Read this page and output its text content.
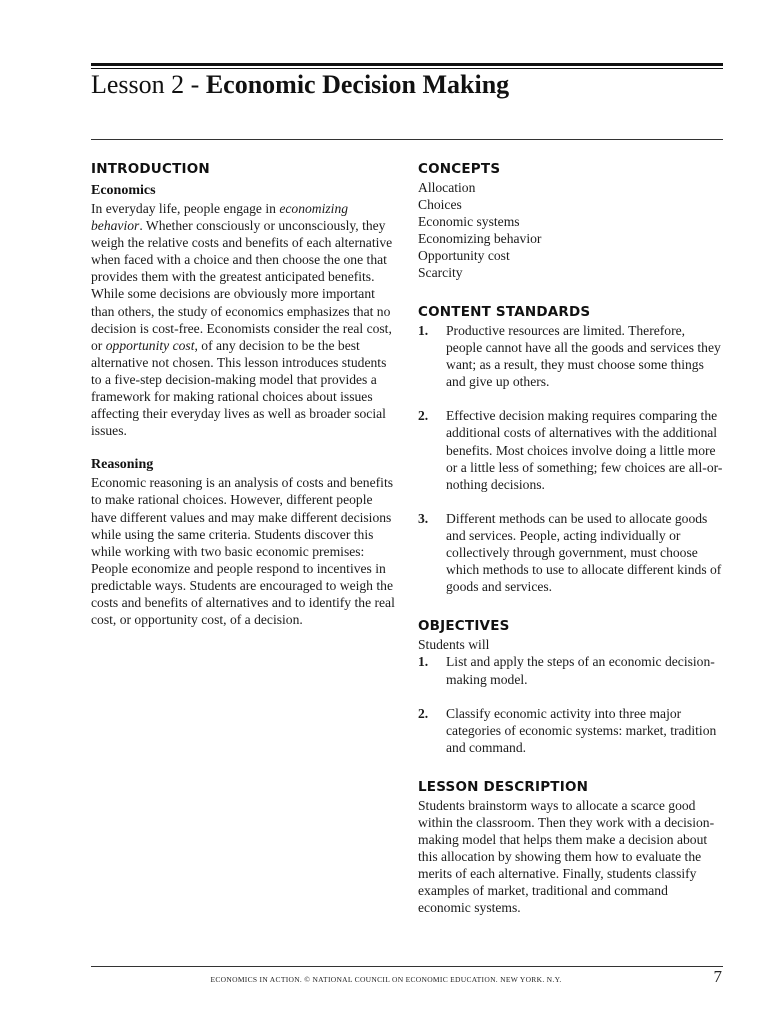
Lesson 2 - Economic Decision Making
INTRODUCTION
Economics

In everyday life, people engage in economizing behavior. Whether consciously or unconsciously, they weigh the relative costs and benefits of each alternative when faced with a choice and then choose the one that provides them with the greatest anticipated benefits. While some decisions are obviously more important than others, the study of economics emphasizes that no decision is cost-free. Economists consider the real cost, or opportunity cost, of any decision to be the best alternative not chosen. This lesson introduces students to a five-step decision-making model that provides a framework for making rational choices about issues affecting their everyday lives as well as broader social issues.

Reasoning

Economic reasoning is an analysis of costs and benefits to make rational choices. However, different people have different values and may make different decisions while using the same criteria. Students discover this while working with two basic economic premises: People economize and people respond to incentives in predictable ways. Students are encouraged to weigh the costs and benefits of alternatives and to identify the real cost, or opportunity cost, of a decision.

CONCEPTS
Allocation
Choices
Economic systems
Economizing behavior
Opportunity cost
Scarcity
CONTENT STANDARDS
1. Productive resources are limited. Therefore, people cannot have all the goods and services they want; as a result, they must choose some things and give up others.
2. Effective decision making requires comparing the additional costs of alternatives with the additional benefits. Most choices involve doing a little more or a little less of something; few choices are all-or-nothing decisions.
3. Different methods can be used to allocate goods and services. People, acting individually or collectively through government, must choose which methods to use to allocate different kinds of goods and services.
OBJECTIVES

Students will

1. List and apply the steps of an economic decision-making model.
2. Classify economic activity into three major categories of economic systems: market, tradition and command.
LESSON DESCRIPTION

Students brainstorm ways to allocate a scarce good within the classroom. Then they work with a decision-making model that helps them make a decision about this allocation by showing them how to evaluate the merits of each alternative. Finally, students classify examples of market, traditional and command economic systems.

ECONOMICS IN ACTION. © NATIONAL COUNCIL ON ECONOMIC EDUCATION. NEW YORK. N.Y.	7
